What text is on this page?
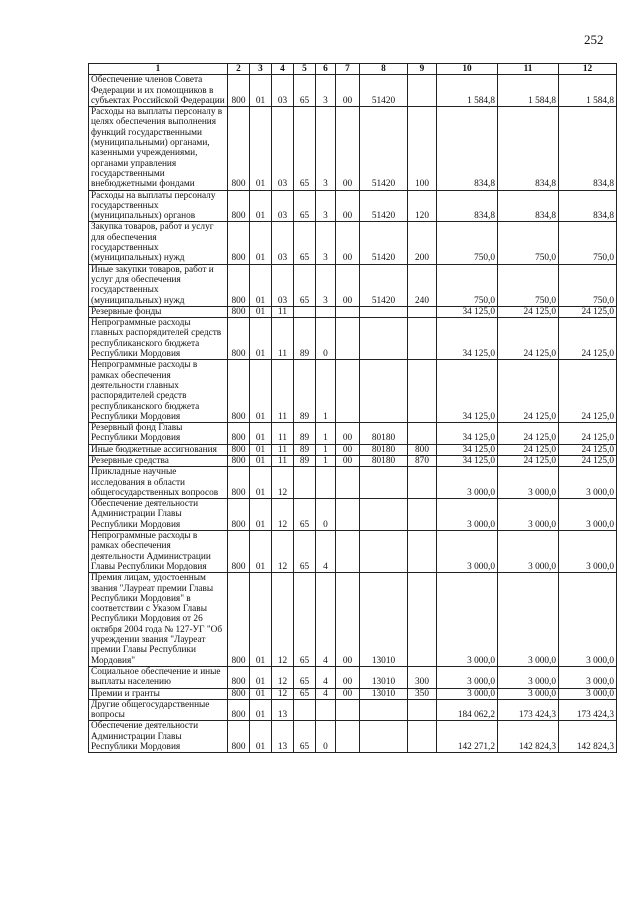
252
1	2	3	4	5	6	7	8	9	10	11	12
Обеспечение членов Совета Федерации и их помощников в субъектах Российской Федерации	800	01	03	65	3	00	51420		1 584,8	1 584,8	1 584,8
Расходы на выплаты персоналу в целях обеспечения выполнения функций государственными (муниципальными) органами, казенными учреждениями, органами управления государственными внебюджетными фондами	800	01	03	65	3	00	51420	100	834,8	834,8	834,8
Расходы на выплаты персоналу государственных (муниципальных) органов	800	01	03	65	3	00	51420	120	834,8	834,8	834,8
Закупка товаров, работ и услуг для обеспечения государственных (муниципальных) нужд	800	01	03	65	3	00	51420	200	750,0	750,0	750,0
Иные закупки товаров, работ и услуг для обеспечения государственных (муниципальных) нужд	800	01	03	65	3	00	51420	240	750,0	750,0	750,0
Резервные фонды	800	01	11						34 125,0	24 125,0	24 125,0
Непрограммные расходы главных распорядителей средств республиканского бюджета Республики Мордовия	800	01	11	89	0				34 125,0	24 125,0	24 125,0
Непрограммные расходы в рамках обеспечения деятельности главных распорядителей средств республиканского бюджета Республики Мордовия	800	01	11	89	1				34 125,0	24 125,0	24 125,0
Резервный фонд Главы Республики Мордовия	800	01	11	89	1	00	80180		34 125,0	24 125,0	24 125,0
Иные бюджетные ассигнования	800	01	11	89	1	00	80180	800	34 125,0	24 125,0	24 125,0
Резервные средства	800	01	11	89	1	00	80180	870	34 125,0	24 125,0	24 125,0
Прикладные научные исследования в области общегосударственных вопросов	800	01	12						3 000,0	3 000,0	3 000,0
Обеспечение деятельности Администрации Главы Республики Мордовия	800	01	12	65	0				3 000,0	3 000,0	3 000,0
Непрограммные расходы в рамках обеспечения деятельности Администрации Главы Республики Мордовия	800	01	12	65	4				3 000,0	3 000,0	3 000,0
Премия лицам, удостоенным звания "Лауреат премии Главы Республики Мордовия" в соответствии с Указом Главы Республики Мордовия от 26 октября 2004 года № 127-УГ "Об учреждении звания "Лауреат премии Главы Республики Мордовия"	800	01	12	65	4	00	13010		3 000,0	3 000,0	3 000,0
Социальное обеспечение и иные выплаты населению	800	01	12	65	4	00	13010	300	3 000,0	3 000,0	3 000,0
Премии и гранты	800	01	12	65	4	00	13010	350	3 000,0	3 000,0	3 000,0
Другие общегосударственные вопросы	800	01	13						184 062,2	173 424,3	173 424,3
Обеспечение деятельности Администрации Главы Республики Мордовия	800	01	13	65	0				142 271,2	142 824,3	142 824,3
